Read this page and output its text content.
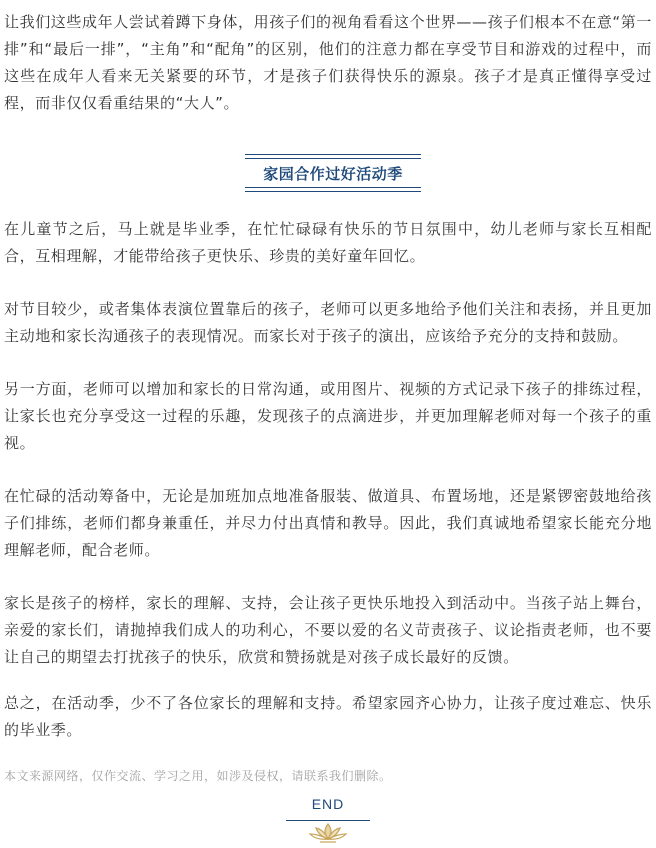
让我们这些成年人尝试着蹲下身体，用孩子们的视角看看这个世界——孩子们根本不在意“第一排”和“最后一排”，“主角”和“配角”的区别，他们的注意力都在享受节目和游戏的过程中，而这些在成年人看来无关紧要的环节，才是孩子们获得快乐的源泉。孩子才是真正懂得享受过程，而非仅仅看重结果的“大人”。

家园合作过好活动季

在儿童节之后，马上就是毕业季，在忙忙碌碌有快乐的节日氛围中，幼儿老师与家长互相配合，互相理解，才能带给孩子更快乐、珍贵的美好童年回忆。

对节目较少，或者集体表演位置靠后的孩子，老师可以更多地给予他们关注和表扬，并且更加主动地和家长沟通孩子的表现情况。而家长对于孩子的演出，应该给予充分的支持和鼓励。

另一方面，老师可以增加和家长的日常沟通，或用图片、视频的方式记录下孩子的排练过程，让家长也充分享受这一过程的乐趣，发现孩子的点滴进步，并更加理解老师对每一个孩子的重视。

在忙碌的活动筹备中，无论是加班加点地准备服装、做道具、布置场地，还是紧锣密鼓地给孩子们排练，老师们都身兼重任，并尽力付出真情和教导。因此，我们真诚地希望家长能充分地理解老师，配合老师。

家长是孩子的榜样，家长的理解、支持，会让孩子更快乐地投入到活动中。当孩子站上舞台，亲爱的家长们，请抛掉我们成人的功利心，不要以爱的名义苛责孩子、议论指责老师，也不要让自己的期望去打扰孩子的快乐，欣赏和赞扬就是对孩子成长最好的反馈。

总之，在活动季，少不了各位家长的理解和支持。希望家园齐心协力，让孩子度过难忘、快乐的毕业季。

本文来源网络，仅作交流、学习之用，如涉及侵权，请联系我们删除。
END
